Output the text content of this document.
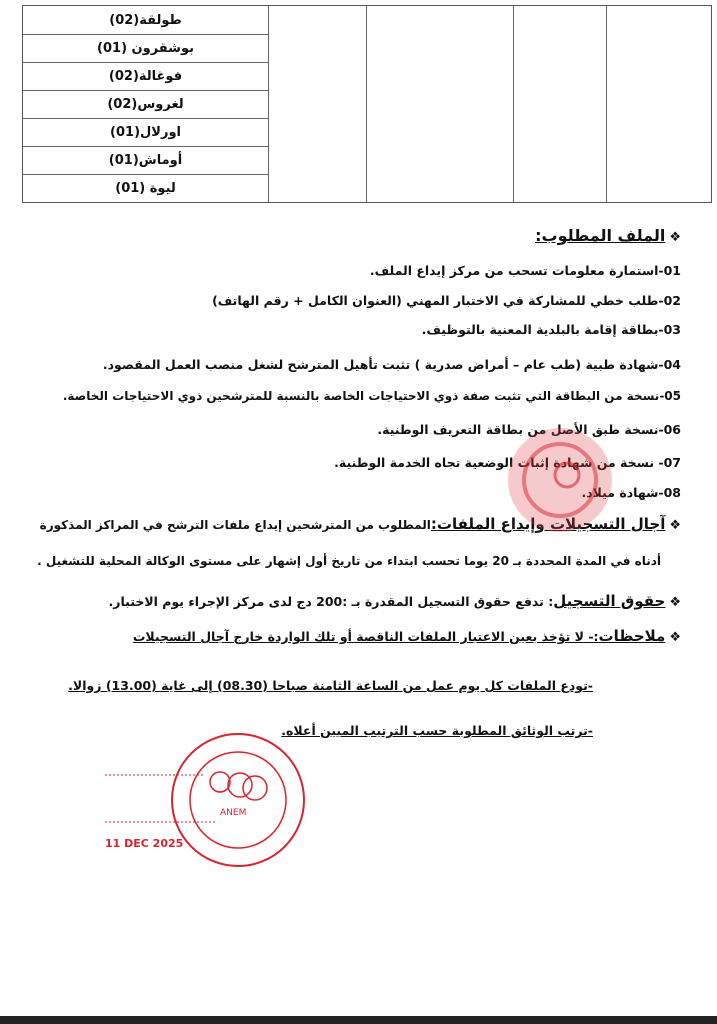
طولقة(02)
بوشقرون (01)
فوغالة(02)
لغروس(02)
اورلال(01)
أوماش(01)
ليوة (01)
❖الملف المطلوب:
01-استمارة معلومات تسحب من مركز إيداع الملف.
02-طلب خطي للمشاركة في الاختبار المهني (العنوان الكامل + رقم الهاتف)
03-بطاقة إقامة بالبلدية المعنية بالتوظيف.
04-شهادة طبية (طب عام – أمراض صدرية ) تثبت تأهيل المترشح لشغل منصب العمل المقصود.
05-نسخة من البطاقة التي تثبت صفة ذوي الاحتياجات الخاصة بالنسبة للمترشحين ذوي الاحتياجات الخاصة.
06-نسخة طبق الأصل من بطاقة التعريف الوطنية.
07- نسخة من شهادة إثبات الوضعية تجاه الخدمة الوطنية.
08-شهادة ميلاد.
❖آجال التسجيلات وإيداع الملفات:المطلوب من المترشحين إيداع ملفات الترشح في المراكز المذكورة
أدناه في المدة المحددة بـ 20 يوما تحسب ابتداء من تاريخ أول إشهار على مستوى الوكالة المحلية للتشغيل .
❖حقوق التسجيل: تدفع حقوق التسجيل المقدرة بـ :200 دج لدى مركز الإجراء يوم الاختبار.
❖ملاحظات:- لا تؤخذ بعين الاعتبار الملفات الناقصة أو تلك الواردة خارج آجال التسجيلات
-تودع الملفات كل يوم عمل من الساعة الثامنة صباحا (08.30) إلى غاية (13.00) زوالا.
-ترتب الوثائق المطلوبة حسب الترتيب المبين أعلاه.
ANEM
11 DEC 2025
